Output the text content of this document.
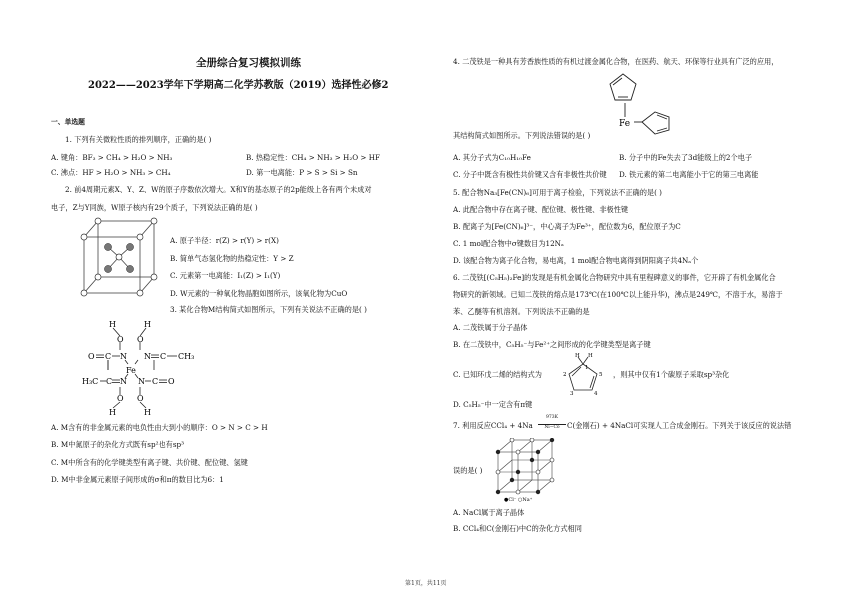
全册综合复习模拟训练
2022——2023学年下学期高二化学苏教版（2019）选择性必修2
一、单选题
1. 下列有关微粒性质的排列顺序，正确的是( )
A. 键角：BF₃ > CH₄ > H₂O > NH₃	B. 热稳定性：CH₄ > NH₃ > H₂O > HF
C. 沸点：HF > H₂O > NH₃ > CH₄	D. 第一电离能：P > S > Si > Sn
2. 前4周期元素X、Y、Z、W的原子序数依次增大。X和Y的基态原子的2p能级上各有两个未成对
电子，Z与Y同族，W原子核内有29个质子，下列说法正确的是( )
A. 原子半径：r(Z) > r(Y) > r(X)
B. 简单气态氢化物的热稳定性：Y > Z
C. 元素第一电离能：I₁(Z) > I₁(Y)
D. W元素的一种氧化物晶胞如图所示，该氧化物为CuO
3. 某化合物M结构简式如图所示，下列有关说法不正确的是( )
H	H
O O
O C N N C CH₃
Fe
H₃C C N N C O
O O
H	H
A. M含有的非金属元素的电负性由大到小的顺序：O > N > C > H
B. M中氮原子的杂化方式既有sp²也有sp³
C. M中所含有的化学键类型有离子键、共价键、配位键、氢键
D. M中非金属元素原子间形成的σ和π的数目比为6：1
4. 二茂铁是一种具有芳香族性质的有机过渡金属化合物，在医药、航天、环保等行业具有广泛的应用，
Fe
其结构简式如图所示。下列说法错误的是( )
A. 其分子式为C₁₀H₁₀Fe	B. 分子中的Fe失去了3d能级上的2个电子
C. 分子中既含有极性共价键又含有非极性共价键 D. 铁元素的第二电离能小于它的第三电离能
5. 配合物Na₃[Fe(CN)₆]可用于离子检验，下列说法不正确的是( )
A. 此配合物中存在离子键、配位键、极性键、非极性键
B. 配离子为[Fe(CN)₆]³⁻，中心离子为Fe³⁺，配位数为6，配位原子为C
C. 1 mol配合物中σ键数目为12Nₐ
D. 该配合物为离子化合物，易电离，1 mol配合物电离得到阴阳离子共4Nₐ个
6. 二茂铁[(C₅H₅)₂Fe]的发现是有机金属化合物研究中具有里程碑意义的事件，它开辟了有机金属化合
物研究的新领域。已知二茂铁的熔点是173℃(在100℃以上能升华)，沸点是249℃，不溶于水，易溶于
苯、乙醚等有机溶剂。下列说法不正确的是
A. 二茂铁属于分子晶体
B. 在二茂铁中，C₅H₅⁻与Fe²⁺之间形成的化学键类型是离子键
C. 已知环戊二烯的结构式为
H H
1
2
3	4
5 ，则其中仅有1个碳原子采取sp³杂化
D. C₅H₅⁻中一定含有π键
7. 利用反应CCl₄ + 4Na
973K
Ni−Co	C(金刚石) + 4NaCl可实现人工合成金刚石。下列关于该反应的说法错
误的是( )
●Cl⁻ ○Na⁺
A. NaCl属于离子晶体
B. CCl₄和C(金刚石)中C的杂化方式相同
第1页，共11页
